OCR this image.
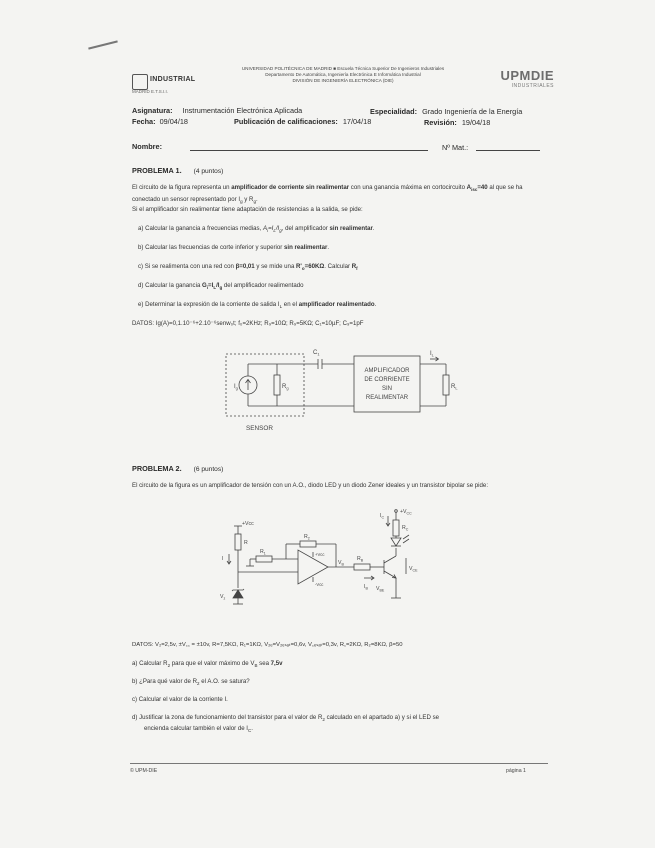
INDUSTRIAL
MADRID E.T.S.I.I.
UNIVERSIDAD POLITÉCNICA DE MADRID ■ Escuela Técnica Superior De Ingenieros Industriales
Departamento De Automática, Ingeniería Electrónica E Informática Industrial
DIVISIÓN DE INGENIERÍA ELECTRÓNICA (DIE)	UPMDIE
INDUSTRIALES
Asignatura: Instrumentación Electrónica Aplicada	Especialidad: Grado Ingeniería de la Energía
Fecha: 09/04/18	Publicación de calificaciones: 17/04/18	Revisión: 19/04/18
Nombre:	Nº Mat.:
PROBLEMA 1. (4 puntos)
El circuito de la figura representa un amplificador de corriente sin realimentar con una ganancia máxima en cortocircuito $A_{isc}=40$ al que se ha conectado un sensor representado por $I_g$ y $R_g$.
Si el amplificador sin realimentar tiene adaptación de resistencias a la salida, se pide:
a) Calcular la ganancia a frecuencias medias, $A_i=I_L/I_g$, del amplificador sin realimentar.
b) Calcular las frecuencias de corte inferior y superior sin realimentar.
c) Si se realimenta con una red con β=0,01 y se mide una $R'_o=60K\Omega$. Calcular $R_f$
d) Calcular la ganancia $G_i=I_L/I_g$ del amplificador realimentado
e) Determinar la expresión de la corriente de salida $I_L$ en el amplificador realimentado.
DATOS: Ig(A)=0,1.10⁻⁶+2.10⁻⁶senw₀t; f₀=2KHz; R₉=10Ω; R₉=5KΩ; C₁=10µF; C₉=1pF
$C_1$
$I_g$	$R_g$
$I_L$
$R_L$
AMPLIFICADOR
DE CORRIENTE
SIN
REALIMENTAR
SENSOR
PROBLEMA 2. (6 puntos)
El circuito de la figura es un amplificador de tensión con un A.O., diodo LED y un diodo Zener ideales y un transistor bipolar se pide:
+Vcc
R
I
$V_z$
$R_2$
$R_1$	+Vcc
-Vcc
$V_B$
$R_B$
$I_B$ $V_{BE}$
$I_C$
$+V_{CC}$
$R_C$
$V_{CE}$
DATOS: V₂=2,5v, ±V꜀꜀ = ±10v, R=7,5KΩ, R₁=1KΩ, V₂ₑ=V₂ₑₛₐₜ=0,6v, V꜀ₑₛₐₜ=0,3v, R꜀=2KΩ, R₂=8KΩ, β=50
a) Calcular $R_2$ para que el valor máximo de $V_B$ sea 7,5v
b) ¿Para qué valor de $R_2$ el A.O. se satura?
c) Calcular el valor de la corriente I.
d) Justificar la zona de funcionamiento del transistor para el valor de $R_2$ calculado en el apartado a) y si el LED se
encienda calcular también el valor de $I_C$.
© UPM-DIE	página 1
